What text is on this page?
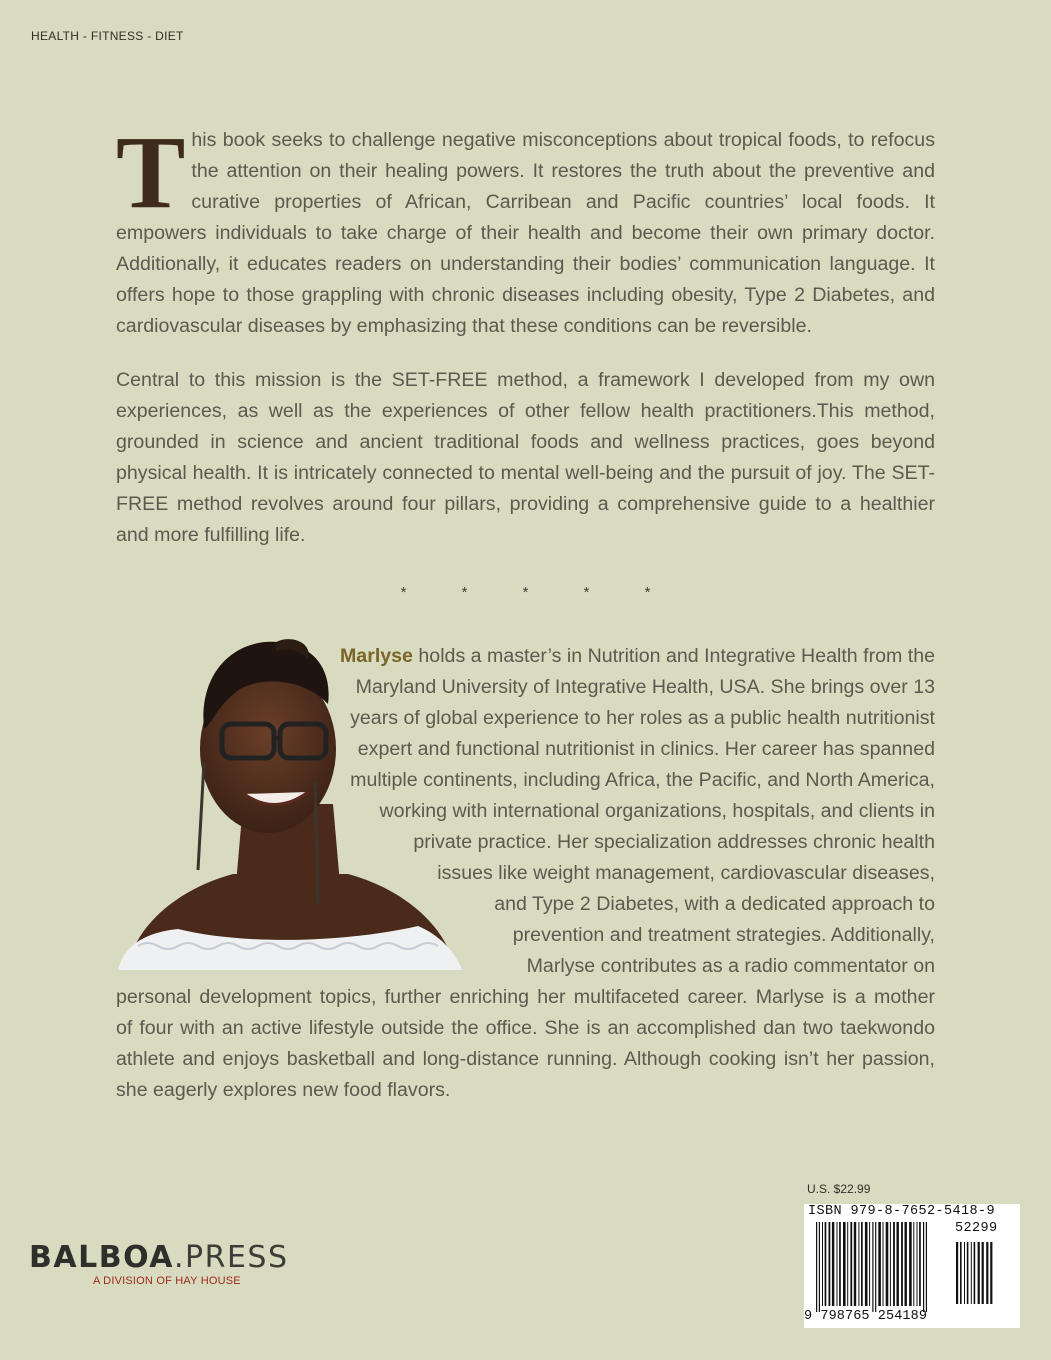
HEALTH - FITNESS - DIET

This book seeks to challenge negative misconceptions about tropical foods, to refocus the attention on their healing powers. It restores the truth about the preventive and curative properties of African, Carribean and Pacific countries’ local foods. It empowers individuals to take charge of their health and become their own primary doctor. Additionally, it educates readers on understanding their bodies’ communication language. It offers hope to those grappling with chronic diseases including obesity, Type 2 Diabetes, and cardiovascular diseases by emphasizing that these conditions can be reversible.

Central to this mission is the SET-FREE method, a framework I developed from my own experiences, as well as the experiences of other fellow health practitioners.This method, grounded in science and ancient traditional foods and wellness practices, goes beyond physical health. It is intricately connected to mental well-being and the pursuit of joy. The SET-FREE method revolves around four pillars, providing a comprehensive guide to a healthier and more fulfilling life.

*	*	*	*	*
Marlyse holds a master’s in Nutrition and Integrative Health from the
Maryland University of Integrative Health, USA. She brings over 13
years of global experience to her roles as a public health nutritionist
expert and functional nutritionist in clinics. Her career has spanned
multiple continents, including Africa, the Pacific, and North America,
working with international organizations, hospitals, and clients in
private practice. Her specialization addresses chronic health
issues like weight management, cardiovascular diseases,
and Type 2 Diabetes, with a dedicated approach to
prevention and treatment strategies. Additionally,
Marlyse contributes as a radio commentator on
personal development topics, further enriching her multifaceted career. Marlyse is a mother
of four with an active lifestyle outside the office. She is an accomplished dan two taekwondo
athlete and enjoys basketball and long-distance running. Although cooking isn’t her passion,
she eagerly explores new food flavors.
BALBOA.PRESS
A DIVISION OF HAY HOUSE
U.S. $22.99
ISBN 979-8-7652-5418-9
52299
9 798765 254189
